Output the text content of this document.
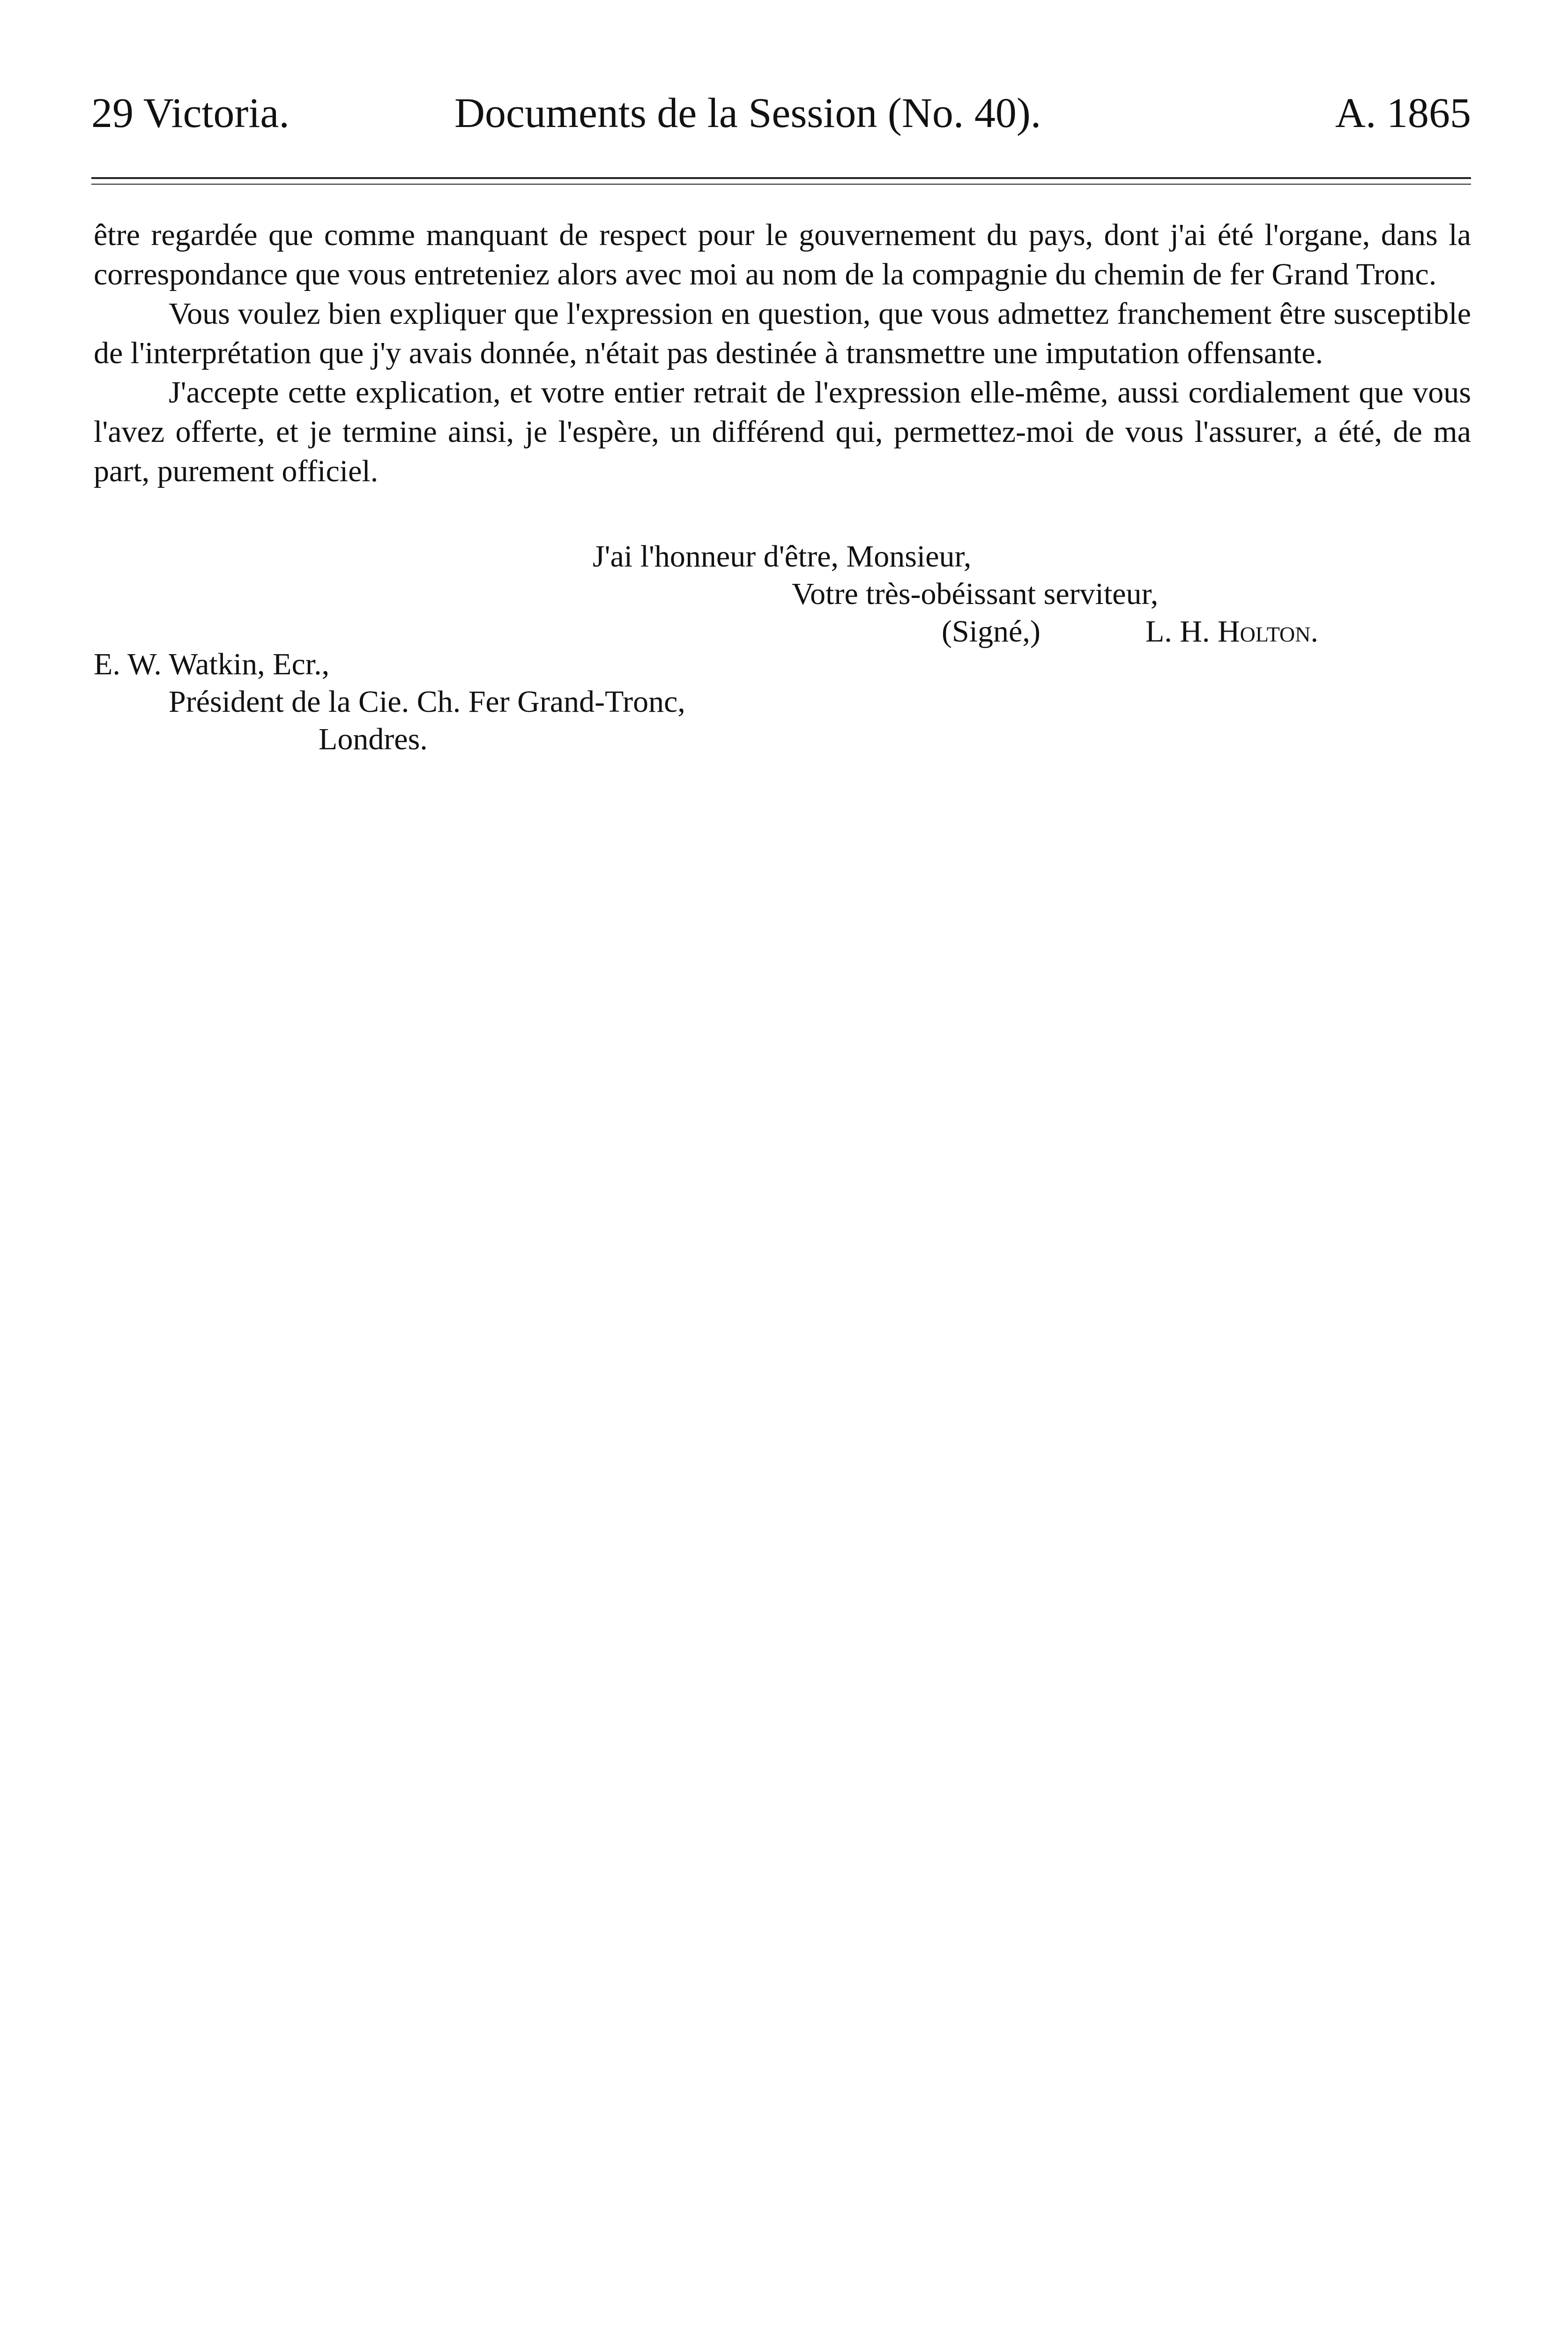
29 Victoria.	Documents de la Session (No. 40).	A. 1865

être regardée que comme manquant de respect pour le gouvernement du pays, dont j'ai été l'organe, dans la correspondance que vous entreteniez alors avec moi au nom de la compagnie du chemin de fer Grand Tronc.

Vous voulez bien expliquer que l'expression en question, que vous admettez franchement être susceptible de l'interprétation que j'y avais donnée, n'était pas destinée à transmettre une imputation offensante.

J'accepte cette explication, et votre entier retrait de l'expression elle-même, aussi cordialement que vous l'avez offerte, et je termine ainsi, je l'espère, un différend qui, permettez-moi de vous l'assurer, a été, de ma part, purement officiel.

J'ai l'honneur d'être, Monsieur,
Votre très-obéissant serviteur,
(Signé,)	L. H. Holton.
E. W. Watkin, Ecr.,
Président de la Cie. Ch. Fer Grand-Tronc,
Londres.
